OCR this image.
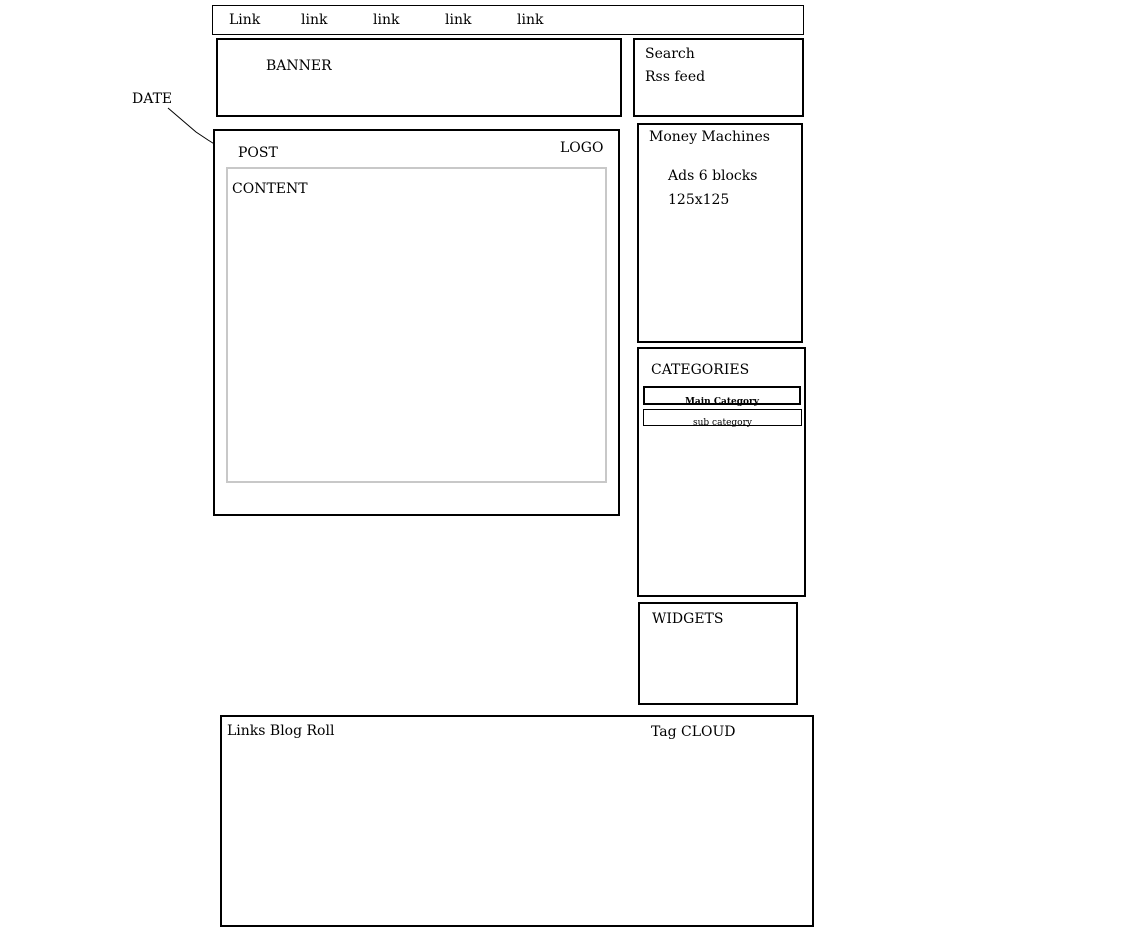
Link	link	link	link	link
BANNER
Search
Rss feed
DATE
POST	LOGO
CONTENT
Money Machines
Ads 6 blocks
125x125
CATEGORIES
Main Category
sub category
WIDGETS
Links Blog Roll	Tag CLOUD
